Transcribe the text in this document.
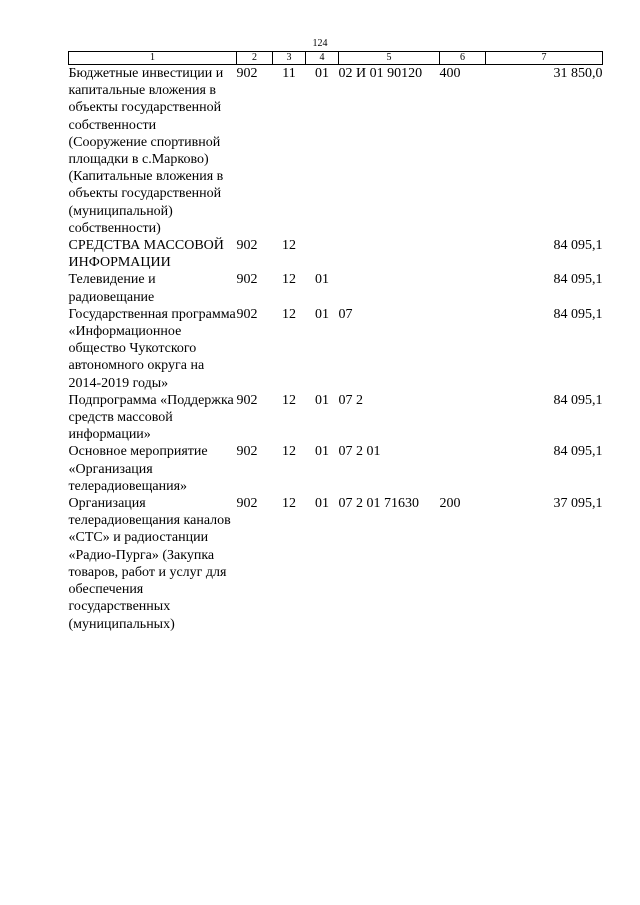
124
1	2	3	4	5	6	7
Бюджетные инвестиции и капитальные вложения в объекты государственной собственности (Сооружение спортивной площадки в с.Марково) (Капитальные вложения в объекты государственной (муниципальной) собственности)	902	11	01	02 И 01 90120	400	31 850,0
СРЕДСТВА МАССОВОЙ ИНФОРМАЦИИ	902	12				84 095,1
Телевидение и радиовещание	902	12	01			84 095,1
Государственная программа «Информационное общество Чукотского автономного округа на 2014-2019 годы»	902	12	01	07		84 095,1
Подпрограмма «Поддержка средств массовой информации»	902	12	01	07 2		84 095,1
Основное мероприятие «Организация телерадиовещания»	902	12	01	07 2 01		84 095,1
Организация телерадиовещания каналов «СТС» и радиостанции «Радио-Пурга» (Закупка товаров, работ и услуг для обеспечения государственных (муниципальных)	902	12	01	07 2 01 71630	200	37 095,1
